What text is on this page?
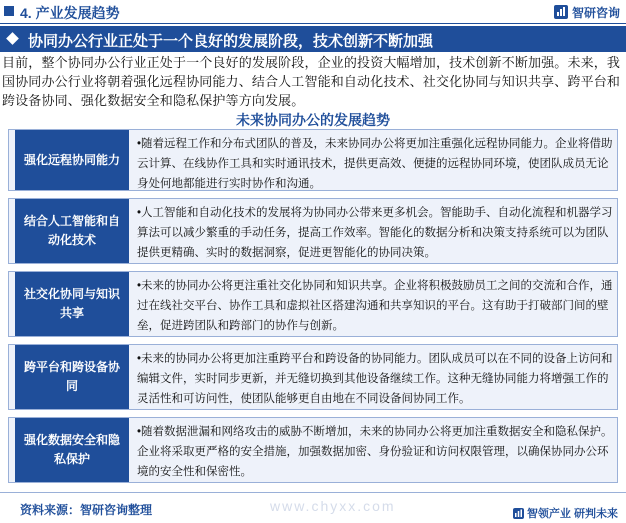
4. 产业发展趋势	智研咨询
协同办公行业正处于一个良好的发展阶段，技术创新不断加强
目前，整个协同办公行业正处于一个良好的发展阶段，企业的投资大幅增加，技术创新不断加强。未来，我国协同办公行业将朝着强化远程协同能力、结合人工智能和自动化技术、社交化协同与知识共享、跨平台和跨设备协同、强化数据安全和隐私保护等方向发展。
未来协同办公的发展趋势
强化远程协同能力
•随着远程工作和分布式团队的普及，未来协同办公将更加注重强化远程协同能力。企业将借助云计算、在线协作工具和实时通讯技术，提供更高效、便捷的远程协同环境，使团队成员无论身处何地都能进行实时协作和沟通。
结合人工智能和自动化技术
•人工智能和自动化技术的发展将为协同办公带来更多机会。智能助手、自动化流程和机器学习算法可以减少繁重的手动任务，提高工作效率。智能化的数据分析和决策支持系统可以为团队提供更精确、实时的数据洞察，促进更智能化的协同决策。
社交化协同与知识共享
•未来的协同办公将更注重社交化协同和知识共享。企业将积极鼓励员工之间的交流和合作，通过在线社交平台、协作工具和虚拟社区搭建沟通和共享知识的平台。这有助于打破部门间的壁垒，促进跨团队和跨部门的协作与创新。
跨平台和跨设备协同
•未来的协同办公将更加注重跨平台和跨设备的协同能力。团队成员可以在不同的设备上访问和编辑文件，实时同步更新，并无缝切换到其他设备继续工作。这种无缝协同能力将增强工作的灵活性和可访问性，使团队能够更自由地在不同设备间协同工作。
强化数据安全和隐私保护
•随着数据泄漏和网络攻击的威胁不断增加，未来的协同办公将更加注重数据安全和隐私保护。企业将采取更严格的安全措施，加强数据加密、身份验证和访问权限管理，以确保协同办公环境的安全性和保密性。
资料来源：智研咨询整理	www.chyxx.com	智领产业 研判未来
